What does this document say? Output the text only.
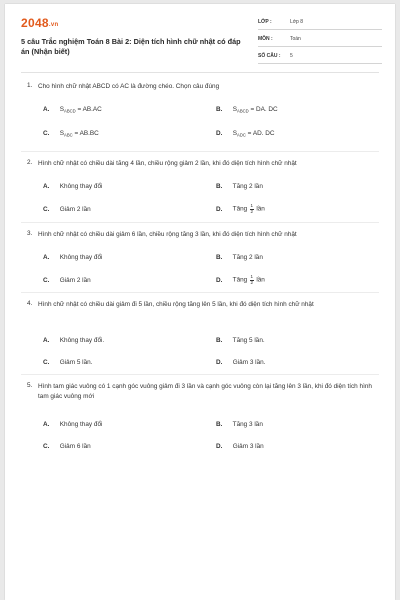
2048.vn
5 câu Trắc nghiệm Toán 8 Bài 2: Diện tích hình chữ nhật có đáp án (Nhận biết)
LỚP :	Lớp 8
MÔN :	Toán
SỐ CÂU : 5
1. Cho hình chữ nhật ABCD có AC là đường chéo. Chọn câu đúng
A. $S_{ABCD} = AB.AC$	B. $S_{ABCD}$ = DA. DC
C. $S_{ABC} = AB.BC$	D. $S_{ADC}$ = AD. DC
2. Hình chữ nhật có chiều dài tăng 4 lần, chiều rộng giảm 2 lần, khi đó diện tích hình chữ nhật
A. Không thay đổi	B. Tăng 2 lần
C. Giảm 2 lần	D. Tăng $\frac{1}{2}$ lần
3. Hình chữ nhật có chiều dài giảm 6 lần, chiều rộng tăng 3 lần, khi đó diện tích hình chữ nhật
A. Không thay đổi	B. Tăng 2 lần
C. Giảm 2 lần	D. Tăng $\frac{1}{2}$ lần
4. Hình chữ nhật có chiều dài giảm đi 5 lần, chiều rộng tăng lên 5 lần, khi đó diện tích hình chữ nhật
A. Không thay đổi.	B. Tăng 5 lần.
C. Giảm 5 lần.	D. Giảm 3 lần.
5. Hình tam giác vuông có 1 cạnh góc vuông giảm đi 3 lần và cạnh góc vuông còn lại tăng lên 3 lần, khi đó diện tích hình tam giác vuông mới
A. Không thay đổi	B. Tăng 3 lần
C. Giảm 6 lần	D. Giảm 3 lần
